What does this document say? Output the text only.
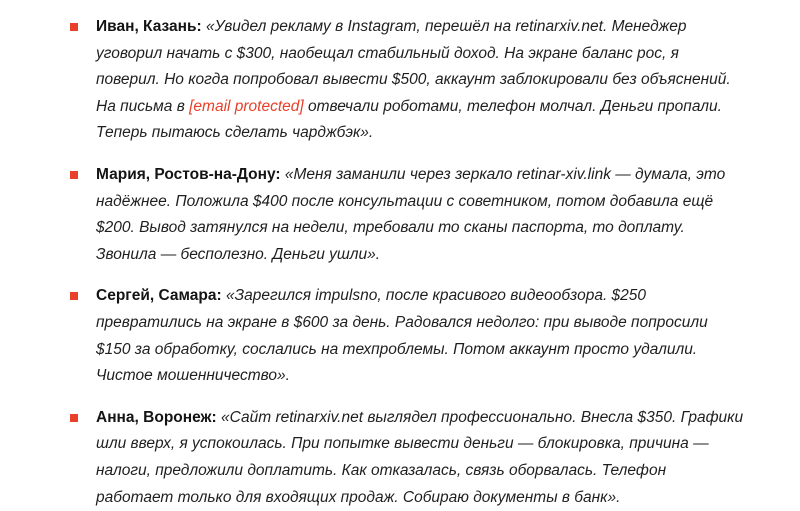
Иван, Казань: «Увидел рекламу в Instagram, перешёл на retinarxiv.net. Менеджер уговорил начать с $300, наобещал стабильный доход. На экране баланс рос, я поверил. Но когда попробовал вывести $500, аккаунт заблокировали без объяснений. На письма в [email protected] отвечали роботами, телефон молчал. Деньги пропали. Теперь пытаюсь сделать чарджбэк».
Мария, Ростов-на-Дону: «Меня заманили через зеркало retinar-xiv.link — думала, это надёжнее. Положила $400 после консультации с советником, потом добавила ещё $200. Вывод затянулся на недели, требовали то сканы паспорта, то доплату. Звонила — бесполезно. Деньги ушли».
Сергей, Самара: «Зарегился impulsno, после красивого видеообзора. $250 превратились на экране в $600 за день. Радовался недолго: при выводе попросили $150 за обработку, сослались на техпроблемы. Потом аккаунт просто удалили. Чистое мошенничество».
Анна, Воронеж: «Сайт retinarxiv.net выглядел профессионально. Внесла $350. Графики шли вверх, я успокоилась. При попытке вывести деньги — блокировка, причина — налоги, предложили доплатить. Как отказалась, связь оборвалась. Телефон работает только для входящих продаж. Собираю документы в банк».
